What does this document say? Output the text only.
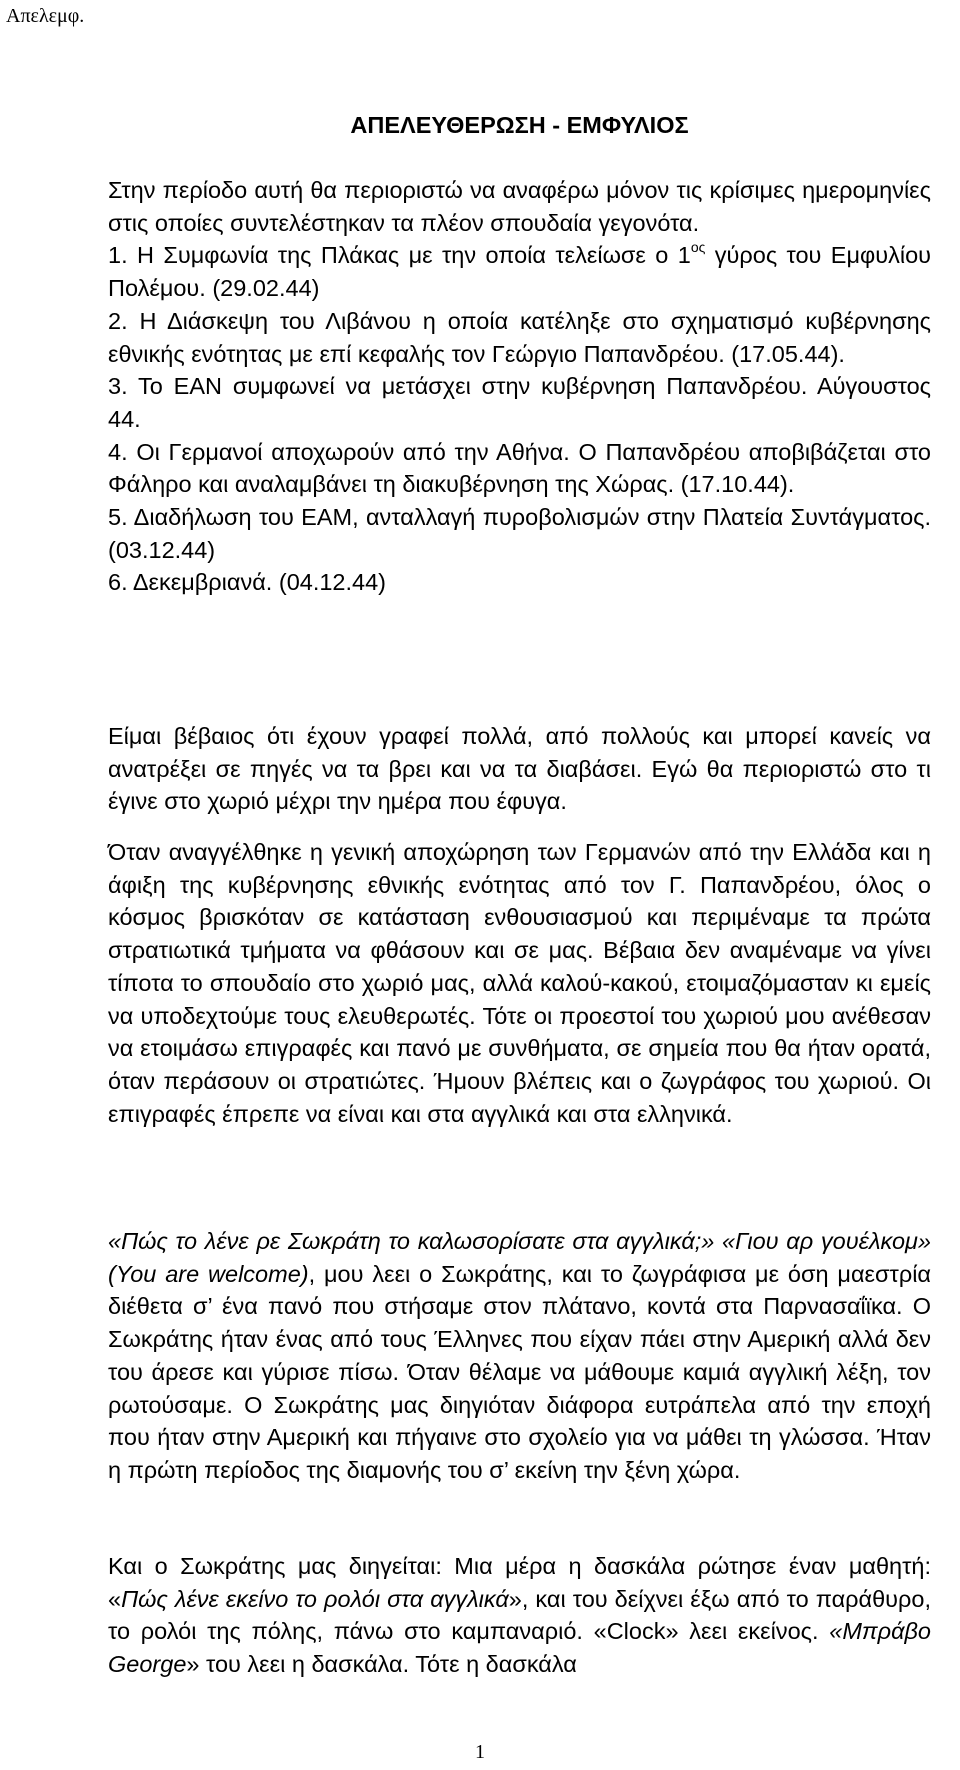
Απελεμφ.
ΑΠΕΛΕΥΘΕΡΩΣΗ - ΕΜΦΥΛΙΟΣ

Στην περίοδο αυτή θα περιοριστώ να αναφέρω μόνον τις κρίσιμες ημερομηνίες στις οποίες συντελέστηκαν τα πλέον σπουδαία γεγονότα.

1. Η Συμφωνία της Πλάκας με την οποία τελείωσε ο $1^{o\varsigma}$ γύρος του Εμφυλίου Πολέμου. (29.02.44)
2. Η Διάσκεψη του Λιβάνου η οποία κατέληξε στο σχηματισμό κυβέρνησης εθνικής ενότητας με επί κεφαλής τον Γεώργιο Παπανδρέου. (17.05.44).
3. Το ΕΑΝ συμφωνεί να μετάσχει στην κυβέρνηση Παπανδρέου. Αύγουστος 44.
4. Οι Γερμανοί αποχωρούν από την Αθήνα. Ο Παπανδρέου αποβιβάζεται στο Φάληρο και αναλαμβάνει τη διακυβέρνηση της Χώρας. (17.10.44).
5. Διαδήλωση του ΕΑΜ, ανταλλαγή πυροβολισμών στην Πλατεία Συντάγματος. (03.12.44)
6. Δεκεμβριανά. (04.12.44)

Είμαι βέβαιος ότι έχουν γραφεί πολλά, από πολλούς και μπορεί κανείς να ανατρέξει σε πηγές να τα βρει και να τα διαβάσει. Εγώ θα περιοριστώ στο τι έγινε στο χωριό μέχρι την ημέρα που έφυγα.

Όταν αναγγέλθηκε η γενική αποχώρηση των Γερμανών από την Ελλάδα και η άφιξη της κυβέρνησης εθνικής ενότητας από τον Γ. Παπανδρέου, όλος ο κόσμος βρισκόταν σε κατάσταση ενθουσιασμού και περιμέναμε τα πρώτα στρατιωτικά τμήματα να φθάσουν και σε μας. Βέβαια δεν αναμέναμε να γίνει τίποτα το σπουδαίο στο χωριό μας, αλλά καλού-κακού, ετοιμαζόμασταν κι εμείς να υποδεχτούμε τους ελευθερωτές. Τότε οι προεστοί του χωριού μου ανέθεσαν να ετοιμάσω επιγραφές και πανό με συνθήματα, σε σημεία που θα ήταν ορατά, όταν περάσουν οι στρατιώτες. Ήμουν βλέπεις και ο ζωγράφος του χωριού. Οι επιγραφές έπρεπε να είναι και στα αγγλικά και στα ελληνικά.

«Πώς το λένε ρε Σωκράτη το καλωσορίσατε στα αγγλικά;» «Γιου αρ γουέλκομ» (You are welcome), μου λεει ο Σωκράτης, και το ζωγράφισα με όση μαεστρία διέθετα σ’ ένα πανό που στήσαμε στον πλάτανο, κοντά στα Παρνασαΐϊκα. Ο Σωκράτης ήταν ένας από τους Έλληνες που είχαν πάει στην Αμερική αλλά δεν του άρεσε και γύρισε πίσω. Όταν θέλαμε να μάθουμε καμιά αγγλική λέξη, τον ρωτούσαμε. Ο Σωκράτης μας διηγιόταν διάφορα ευτράπελα από την εποχή που ήταν στην Αμερική και πήγαινε στο σχολείο για να μάθει τη γλώσσα. Ήταν η πρώτη περίοδος της διαμονής του σ’ εκείνη την ξένη χώρα.

Και ο Σωκράτης μας διηγείται: Μια μέρα η δασκάλα ρώτησε έναν μαθητή: «Πώς λένε εκείνο το ρολόι στα αγγλικά», και του δείχνει έξω από το παράθυρο, το ρολόι της πόλης, πάνω στο καμπαναριό. «Clock» λεει εκείνος. «Μπράβο George» του λεει η δασκάλα. Τότε η δασκάλα

1
